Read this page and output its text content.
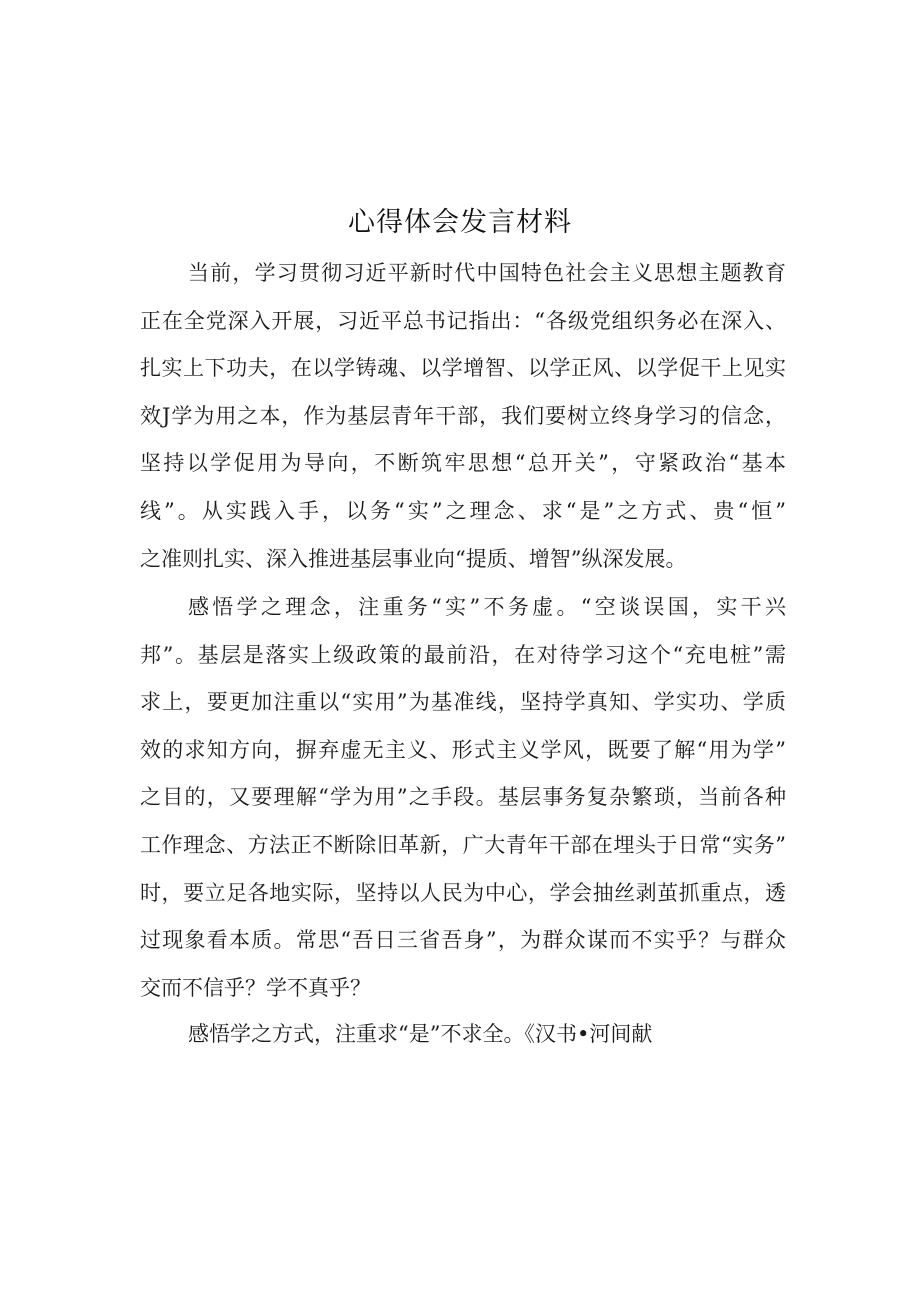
心得体会发言材料
当前，学习贯彻习近平新时代中国特色社会主义思想主题教育
正在全党深入开展，习近平总书记指出：“各级党组织务必在深入、
扎实上下功夫，在以学铸魂、以学增智、以学正风、以学促干上见实
效J学为用之本，作为基层青年干部，我们要树立终身学习的信念，
坚持以学促用为导向，不断筑牢思想“总开关”，守紧政治“基本
线”。从实践入手，以务“实”之理念、求“是”之方式、贵“恒”
之准则扎实、深入推进基层事业向“提质、增智”纵深发展。
感悟学之理念，注重务“实”不务虚。“空谈误国，实干兴
邦”。基层是落实上级政策的最前沿，在对待学习这个“充电桩”需
求上，要更加注重以“实用”为基准线，坚持学真知、学实功、学质
效的求知方向，摒弃虚无主义、形式主义学风，既要了解“用为学”
之目的，又要理解“学为用”之手段。基层事务复杂繁琐，当前各种
工作理念、方法正不断除旧革新，广大青年干部在埋头于日常“实务”
时，要立足各地实际，坚持以人民为中心，学会抽丝剥茧抓重点，透
过现象看本质。常思“吾日三省吾身”，为群众谋而不实乎？与群众
交而不信乎？学不真乎？
感悟学之方式，注重求“是”不求全。《汉书•河间献
